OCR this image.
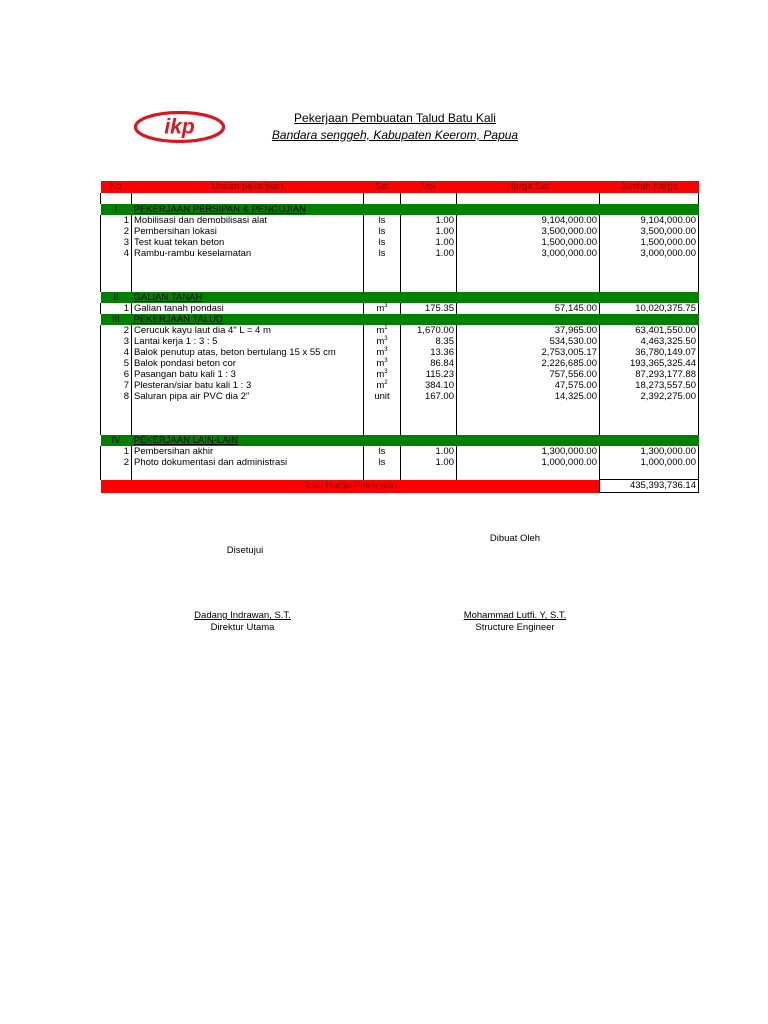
ikp	Pekerjaan Pembuatan Talud Batu Kali
Bandara senggeh, Kabupaten Keerom, Papua
No	Uraian pekerjaan	Sat	Vol	Harga Sat	Jumlah harga

I	PEKERJAAN PERSIPAN & PENGUJIAN				
1	Mobilisasi dan demobilisasi alat	ls	1.00	9,104,000.00	9,104,000.00
2	Pembersihan lokasi	ls	1.00	3,500,000.00	3,500,000.00
3	Test kuat tekan beton	ls	1.00	1,500,000.00	1,500,000.00
4	Rambu-rambu keselamatan	ls	1.00	3,000,000.00	3,000,000.00

II	GALIAN TANAH				
1	Galian tanah pondasi	$m^3$	175.35	57,145.00	10,020,375.75
III	PEKERJAAN TALUD				
2	Cerucuk kayu laut dia 4" L = 4 m	$m^1$	1,670.00	37,965.00	63,401,550.00
3	Lantai kerja 1 : 3 : 5	$m^3$	8.35	534,530.00	4,463,325.50
4	Balok penutup atas, beton bertulang 15 x 55 cm	$m^3$	13.36	2,753,005.17	36,780,149.07
5	Balok pondasi beton cor	$m^3$	86.84	2,226,685.00	193,365,325.44
6	Pasangan batu kali 1 : 3	$m^3$	115.23	757,556.00	87,293,177.88
7	Plesteran/siar batu kali 1 : 3	$m^2$	384.10	47,575.00	18,273,557.50
8	Saluran pipa air PVC dia 2"	unit	167.00	14,325.00	2,392,275.00

IV	PEKERJAAN LAIN-LAIN				
1	Pembersihan akhir	ls	1.00	1,300,000.00	1,300,000.00
2	Photo dokumentasi dan administrasi	ls	1.00	1,000,000.00	1,000,000.00

Total Harga Pekerjaan					435,393,736.14
Dibuat Oleh
Disetujui
Dadang Indrawan, S.T.
Direktur Utama
Mohammad Lutfi. Y, S.T.
Structure Engineer
